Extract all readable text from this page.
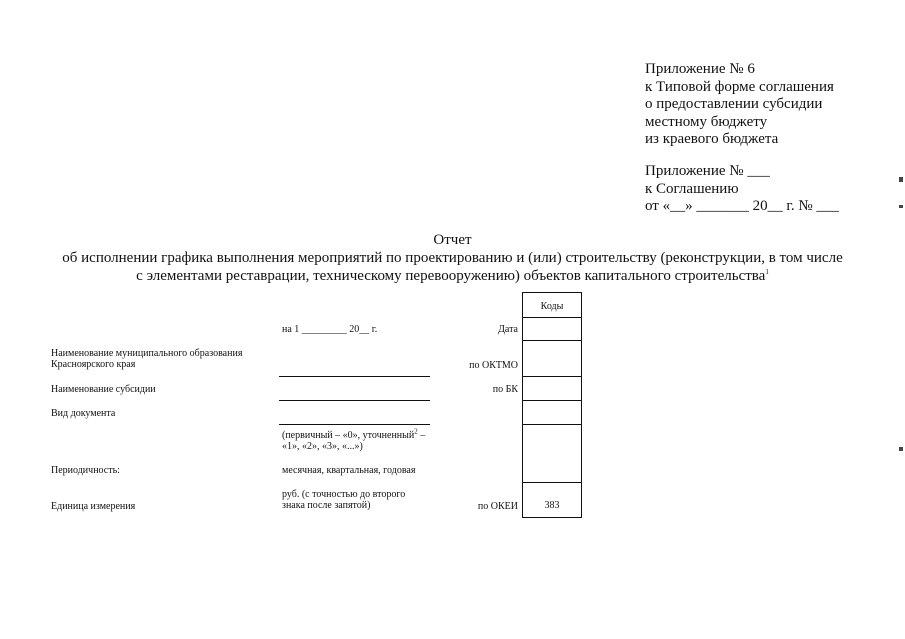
Приложение № 6
к Типовой форме соглашения
о предоставлении субсидии
местному бюджету
из краевого бюджета
Приложение № ___
к Соглашению
от «__» _______ 20__ г. № ___
Отчет
об исполнении графика выполнения мероприятий по проектированию и (или) строительству (реконструкции, в том числе
с элементами реставрации, техническому перевооружению) объектов капитального строительства$^1$
Коды
383
Дата
по ОКТМО
по БК
по ОКЕИ
на 1 _________ 20__ г.
Наименование муниципального образования
Красноярского края
Наименование субсидии
Вид документа
Периодичность:
Единица измерения
(первичный – «0», уточненный$^2$ –
«1», «2», «3», «...»)
месячная, квартальная, годовая
руб. (с точностью до второго
знака после запятой)
